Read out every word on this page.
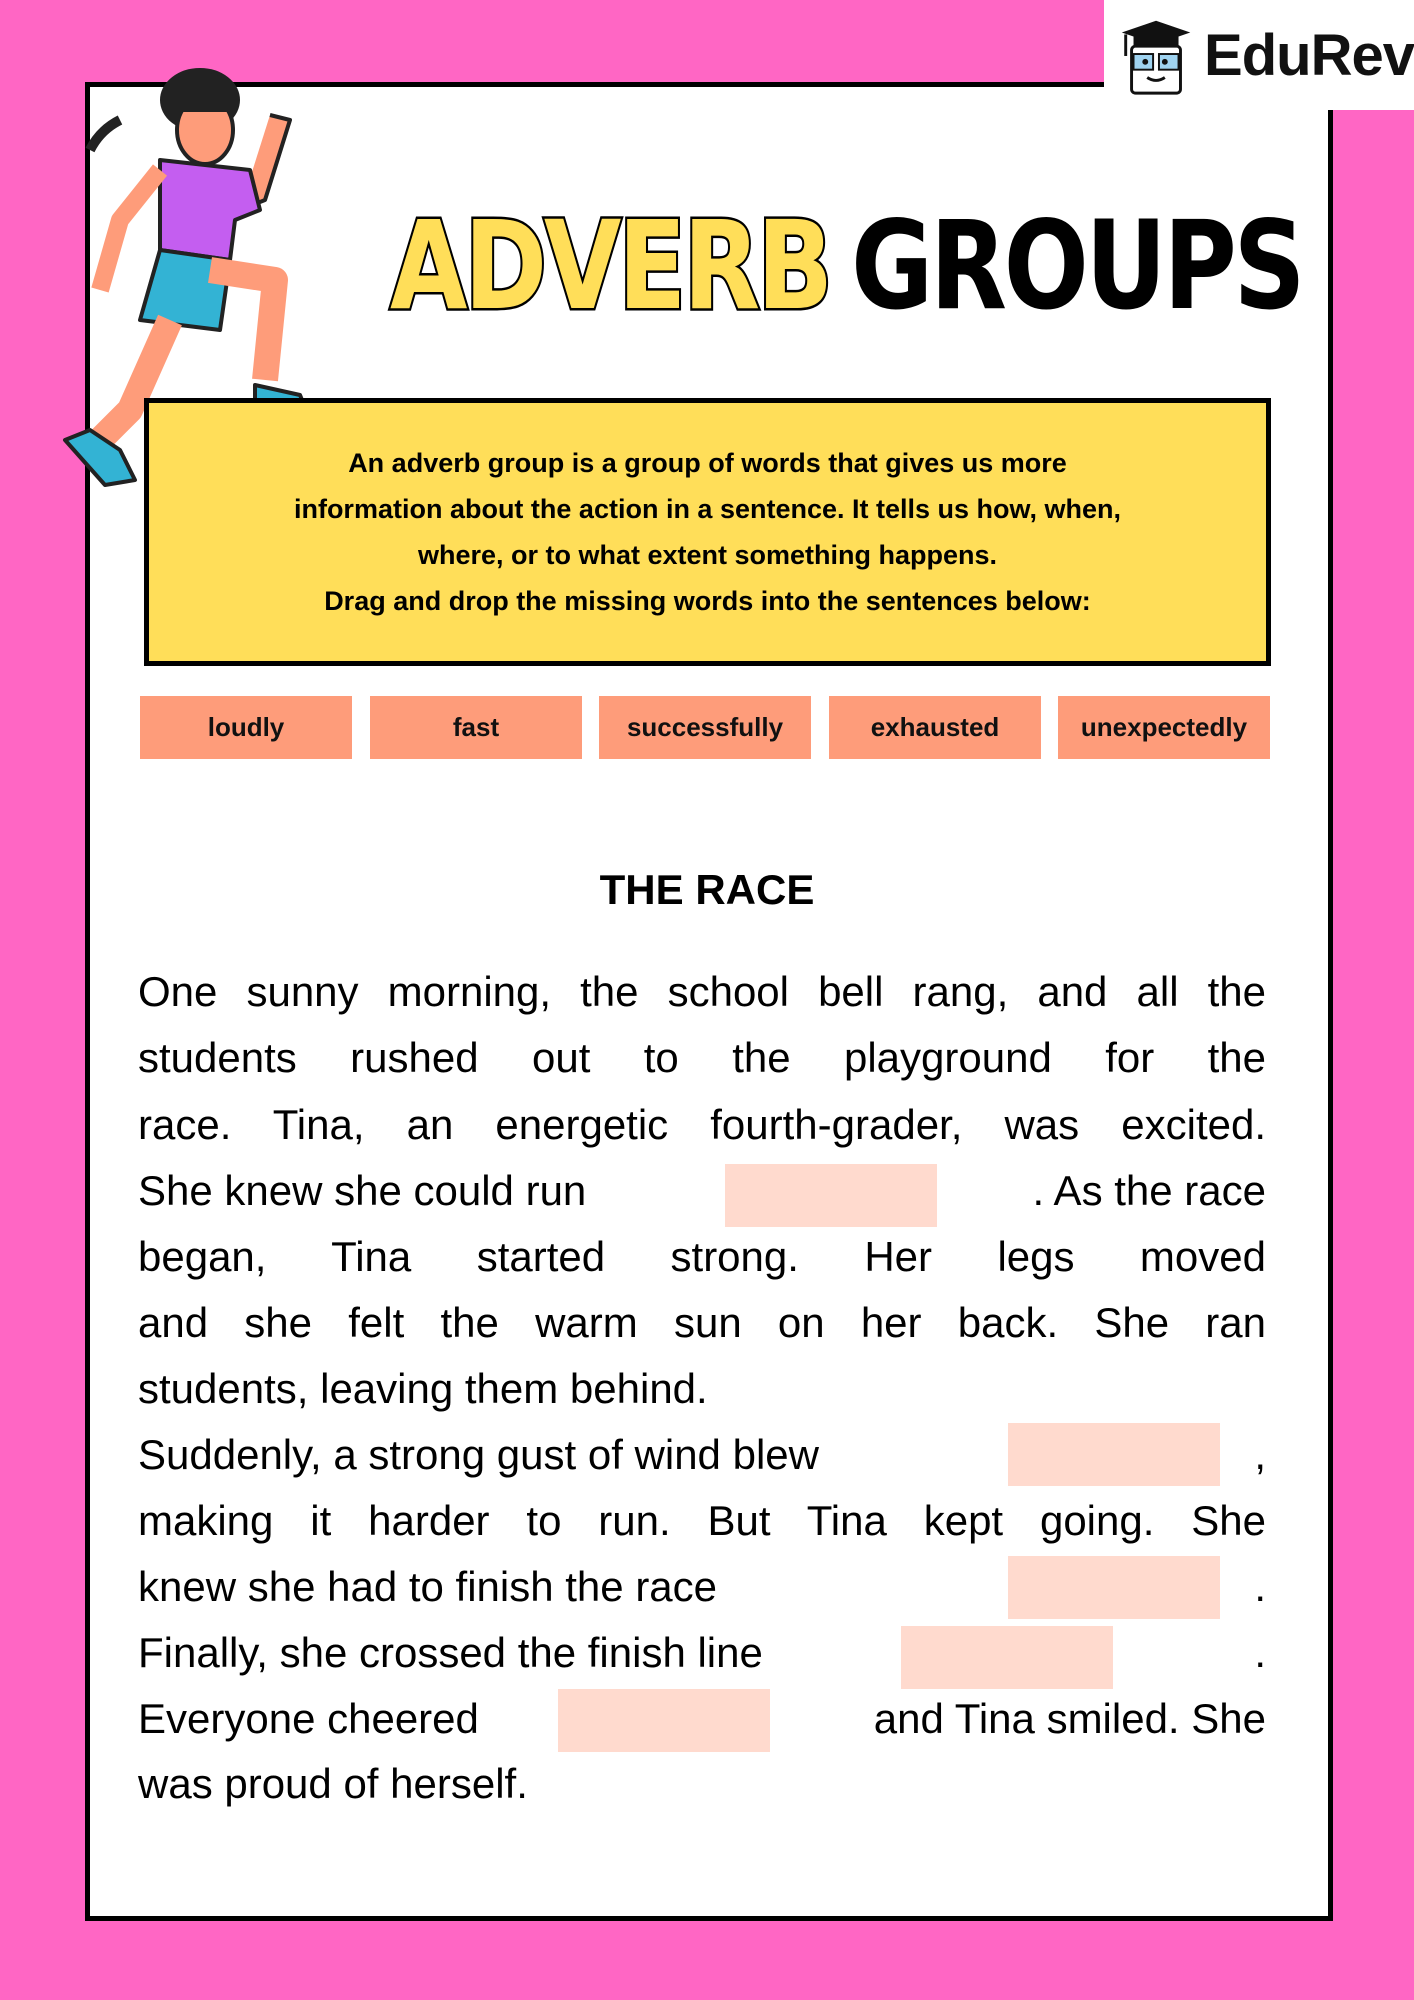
EduRev
ADVERB GROUPS
An adverb group is a group of words that gives us more
information about the action in a sentence. It tells us how, when,
where, or to what extent something happens.
Drag and drop the missing words into the sentences below:
loudly	fast	successfully	exhausted	unexpectedly
THE RACE
One sunny morning, the school bell rang, and all the
students rushed out to the playground for the
race. Tina, an energetic fourth-grader, was excited.
She knew she could run	. As the race
began, Tina started strong. Her legs moved
and she felt the warm sun on her back. She ran
students, leaving them behind.
Suddenly, a strong gust of wind blew	,
making it harder to run. But Tina kept going. She
knew she had to finish the race	.
Finally, she crossed the finish line	.
Everyone cheered	and Tina smiled. She
was proud of herself.
